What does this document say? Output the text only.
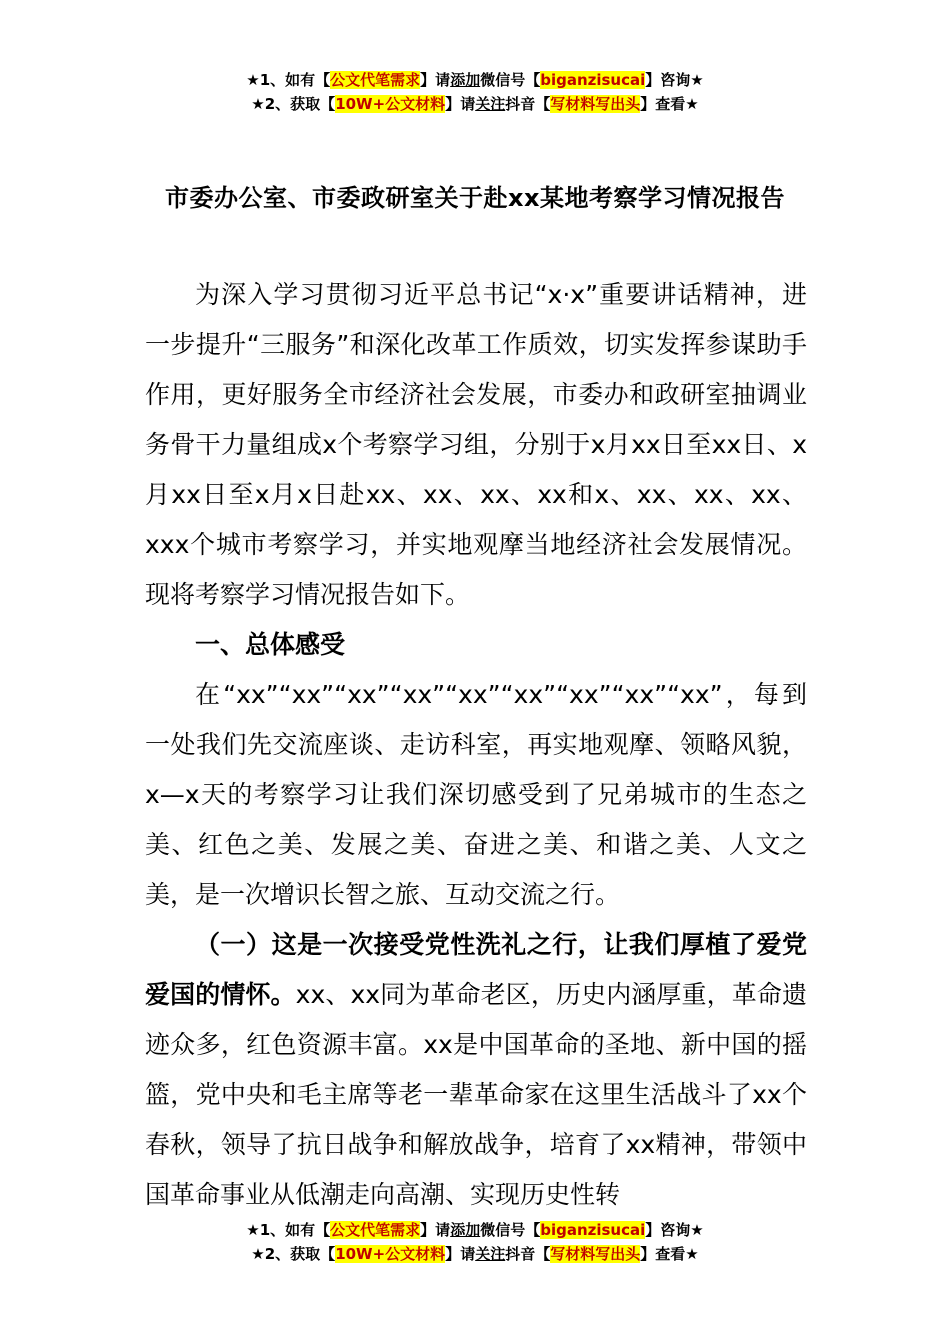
★1、如有【公文代笔需求】请添加微信号【biganzisucai】咨询★
★2、获取【10W+公文材料】请关注抖音【写材料写出头】查看★
市委办公室、市委政研室关于赴xx某地考察学习情况报告

为深入学习贯彻习近平总书记“x·x”重要讲话精神，进一步提升“三服务”和深化改革工作质效，切实发挥参谋助手作用，更好服务全市经济社会发展，市委办和政研室抽调业务骨干力量组成x个考察学习组，分别于x月xx日至xx日、x月xx日至x月x日赴xx、xx、xx、xx和x、xx、xx、xx、xxx个城市考察学习，并实地观摩当地经济社会发展情况。现将考察学习情况报告如下。

一、总体感受

在“xx”“xx”“xx”“xx”“xx”“xx”“xx”“xx”“xx”，每到一处我们先交流座谈、走访科室，再实地观摩、领略风貌，x—x天的考察学习让我们深切感受到了兄弟城市的生态之美、红色之美、发展之美、奋进之美、和谐之美、人文之美，是一次增识长智之旅、互动交流之行。

（一）这是一次接受党性洗礼之行，让我们厚植了爱党爱国的情怀。xx、xx同为革命老区，历史内涵厚重，革命遗迹众多，红色资源丰富。xx是中国革命的圣地、新中国的摇篮，党中央和毛主席等老一辈革命家在这里生活战斗了xx个春秋，领导了抗日战争和解放战争，培育了xx精神，带领中国革命事业从低潮走向高潮、实现历史性转

★1、如有【公文代笔需求】请添加微信号【biganzisucai】咨询★
★2、获取【10W+公文材料】请关注抖音【写材料写出头】查看★
